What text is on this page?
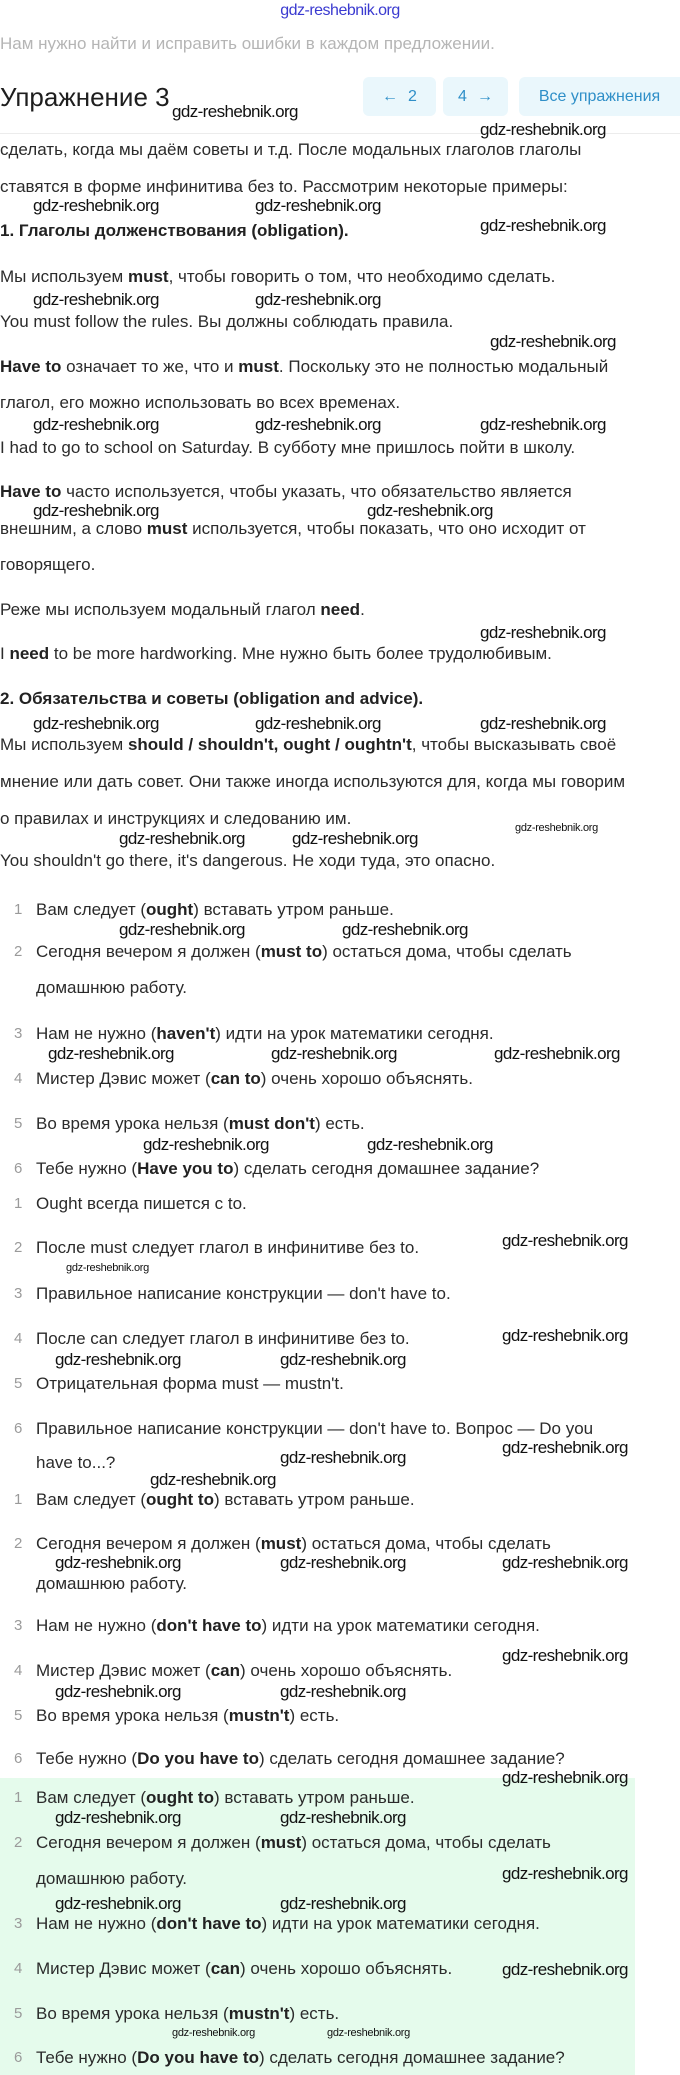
gdz-reshebnik.org
Нам нужно найти и исправить ошибки в каждом предложении.
Упражнение 3	← 2	4 →	Все упражнения
сделать, когда мы даём советы и т.д. После модальных глаголов глаголы
ставятся в форме инфинитива без to. Рассмотрим некоторые примеры:
1. Глаголы долженствования (obligation).
Мы используем must, чтобы говорить о том, что необходимо сделать.
You must follow the rules. Вы должны соблюдать правила.
Have to означает то же, что и must. Поскольку это не полностью модальный
глагол, его можно использовать во всех временах.
I had to go to school on Saturday. В субботу мне пришлось пойти в школу.
Have to часто используется, чтобы указать, что обязательство является
внешним, а слово must используется, чтобы показать, что оно исходит от
говорящего.
Реже мы используем модальный глагол need.
I need to be more hardworking. Мне нужно быть более трудолюбивым.
2. Обязательства и советы (obligation and advice).
Мы используем should / shouldn't, ought / oughtn't, чтобы высказывать своё
мнение или дать совет. Они также иногда используются для, когда мы говорим
о правилах и инструкциях и следованию им.
You shouldn't go there, it's dangerous. Не ходи туда, это опасно.
1 Вам следует (ought) вставать утром раньше.
2 Сегодня вечером я должен (must to) остаться дома, чтобы сделать
домашнюю работу.
3 Нам не нужно (haven't) идти на урок математики сегодня.
4 Мистер Дэвис может (can to) очень хорошо объяснять.
5 Во время урока нельзя (must don't) есть.
6 Тебе нужно (Have you to) сделать сегодня домашнее задание?
1 Ought всегда пишется с to.
2 После must следует глагол в инфинитиве без to.
3 Правильное написание конструкции — don't have to.
4 После can следует глагол в инфинитиве без to.
5 Отрицательная форма must — mustn't.
6 Правильное написание конструкции — don't have to. Вопрос — Do you
have to...?
1 Вам следует (ought to) вставать утром раньше.
2 Сегодня вечером я должен (must) остаться дома, чтобы сделать
домашнюю работу.
3 Нам не нужно (don't have to) идти на урок математики сегодня.
4 Мистер Дэвис может (can) очень хорошо объяснять.
5 Во время урока нельзя (mustn't) есть.
6 Тебе нужно (Do you have to) сделать сегодня домашнее задание?
1 Вам следует (ought to) вставать утром раньше.
2 Сегодня вечером я должен (must) остаться дома, чтобы сделать
домашнюю работу.
3 Нам не нужно (don't have to) идти на урок математики сегодня.
4 Мистер Дэвис может (can) очень хорошо объяснять.
5 Во время урока нельзя (mustn't) есть.
6 Тебе нужно (Do you have to) сделать сегодня домашнее задание?
gdz-reshebnik.org
gdz-reshebnik.org
gdz-reshebnik.org	gdz-reshebnik.org
gdz-reshebnik.org
gdz-reshebnik.org	gdz-reshebnik.org
gdz-reshebnik.org
gdz-reshebnik.org	gdz-reshebnik.org	gdz-reshebnik.org
gdz-reshebnik.org	gdz-reshebnik.org
gdz-reshebnik.org
gdz-reshebnik.org	gdz-reshebnik.org	gdz-reshebnik.org
gdz-reshebnik.org	gdz-reshebnik.org
gdz-reshebnik.org	gdz-reshebnik.org
gdz-reshebnik.org	gdz-reshebnik.org	gdz-reshebnik.org
gdz-reshebnik.org	gdz-reshebnik.org
gdz-reshebnik.org
gdz-reshebnik.org
gdz-reshebnik.org	gdz-reshebnik.org
gdz-reshebnik.org
gdz-reshebnik.org
gdz-reshebnik.org
gdz-reshebnik.org
gdz-reshebnik.org	gdz-reshebnik.org
gdz-reshebnik.org
gdz-reshebnik.org	gdz-reshebnik.org
gdz-reshebnik.org
gdz-reshebnik.org	gdz-reshebnik.org
gdz-reshebnik.org
gdz-reshebnik.org	gdz-reshebnik.org
gdz-reshebnik.org
gdz-reshebnik.org
gdz-reshebnik.org
gdz-reshebnik.org	gdz-reshebnik.org
